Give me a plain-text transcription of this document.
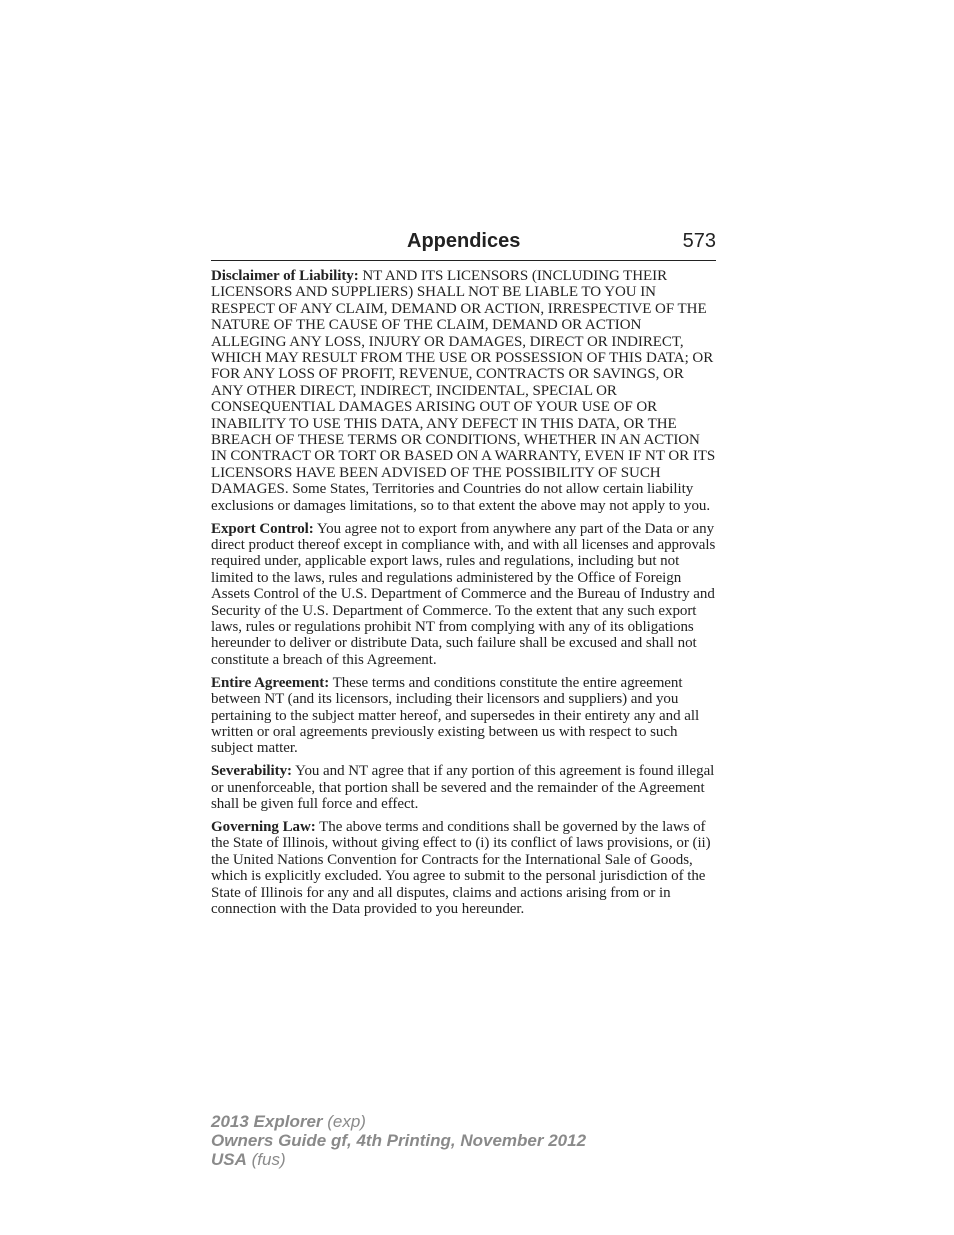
Appendices	573

Disclaimer of Liability: NT AND ITS LICENSORS (INCLUDING THEIR LICENSORS AND SUPPLIERS) SHALL NOT BE LIABLE TO YOU IN RESPECT OF ANY CLAIM, DEMAND OR ACTION, IRRESPECTIVE OF THE NATURE OF THE CAUSE OF THE CLAIM, DEMAND OR ACTION ALLEGING ANY LOSS, INJURY OR DAMAGES, DIRECT OR INDIRECT, WHICH MAY RESULT FROM THE USE OR POSSESSION OF THIS DATA; OR FOR ANY LOSS OF PROFIT, REVENUE, CONTRACTS OR SAVINGS, OR ANY OTHER DIRECT, INDIRECT, INCIDENTAL, SPECIAL OR CONSEQUENTIAL DAMAGES ARISING OUT OF YOUR USE OF OR INABILITY TO USE THIS DATA, ANY DEFECT IN THIS DATA, OR THE BREACH OF THESE TERMS OR CONDITIONS, WHETHER IN AN ACTION IN CONTRACT OR TORT OR BASED ON A WARRANTY, EVEN IF NT OR ITS LICENSORS HAVE BEEN ADVISED OF THE POSSIBILITY OF SUCH DAMAGES. Some States, Territories and Countries do not allow certain liability exclusions or damages limitations, so to that extent the above may not apply to you.

Export Control: You agree not to export from anywhere any part of the Data or any direct product thereof except in compliance with, and with all licenses and approvals required under, applicable export laws, rules and regulations, including but not limited to the laws, rules and regulations administered by the Office of Foreign Assets Control of the U.S. Department of Commerce and the Bureau of Industry and Security of the U.S. Department of Commerce. To the extent that any such export laws, rules or regulations prohibit NT from complying with any of its obligations hereunder to deliver or distribute Data, such failure shall be excused and shall not constitute a breach of this Agreement.

Entire Agreement: These terms and conditions constitute the entire agreement between NT (and its licensors, including their licensors and suppliers) and you pertaining to the subject matter hereof, and supersedes in their entirety any and all written or oral agreements previously existing between us with respect to such subject matter.

Severability: You and NT agree that if any portion of this agreement is found illegal or unenforceable, that portion shall be severed and the remainder of the Agreement shall be given full force and effect.

Governing Law: The above terms and conditions shall be governed by the laws of the State of Illinois, without giving effect to (i) its conflict of laws provisions, or (ii) the United Nations Convention for Contracts for the International Sale of Goods, which is explicitly excluded. You agree to submit to the personal jurisdiction of the State of Illinois for any and all disputes, claims and actions arising from or in connection with the Data provided to you hereunder.

2013 Explorer (exp)
Owners Guide gf, 4th Printing, November 2012
USA (fus)
